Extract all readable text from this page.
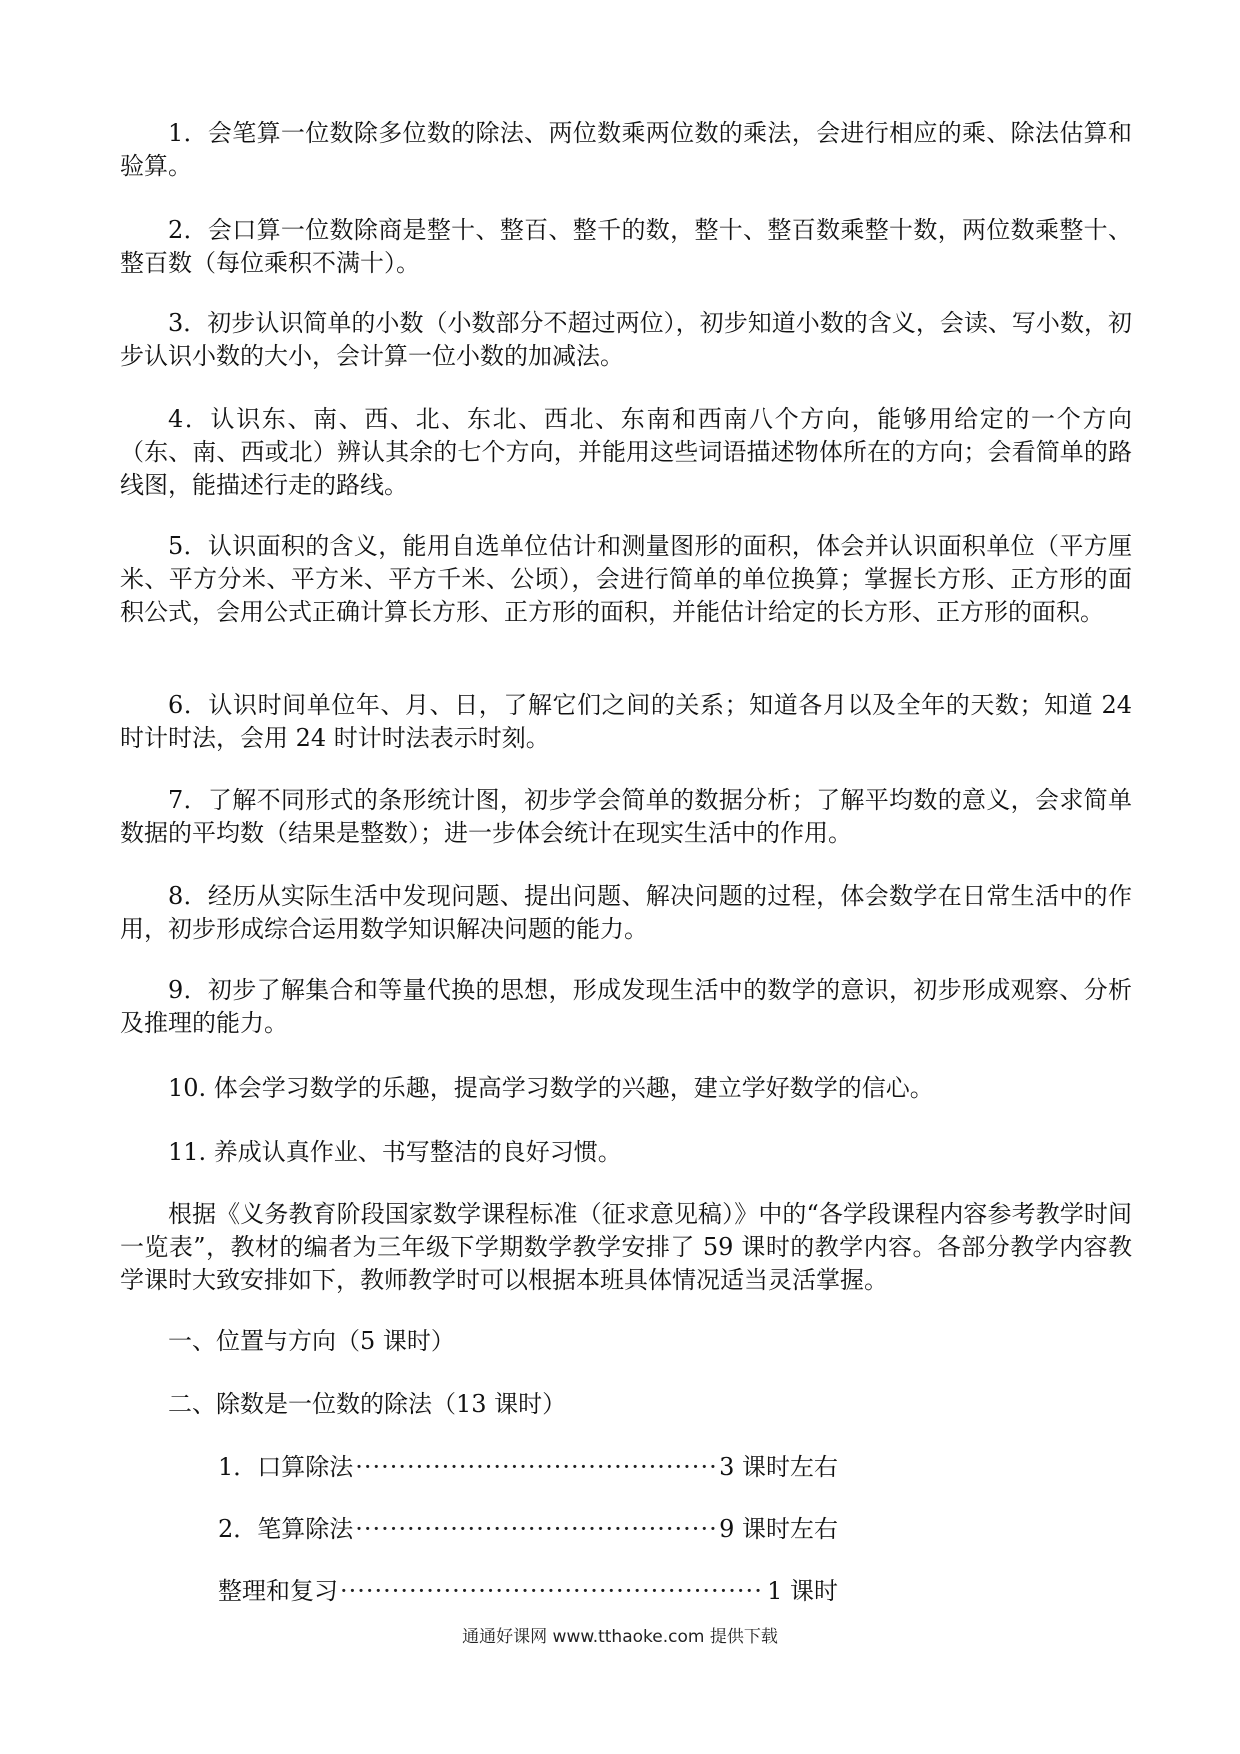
1．会笔算一位数除多位数的除法、两位数乘两位数的乘法，会进行相应的乘、除法估算和验算。

2．会口算一位数除商是整十、整百、整千的数，整十、整百数乘整十数，两位数乘整十、整百数（每位乘积不满十）。

3．初步认识简单的小数（小数部分不超过两位），初步知道小数的含义，会读、写小数，初步认识小数的大小，会计算一位小数的加减法。

4．认识东、南、西、北、东北、西北、东南和西南八个方向，能够用给定的一个方向（东、南、西或北）辨认其余的七个方向，并能用这些词语描述物体所在的方向；会看简单的路线图，能描述行走的路线。

5．认识面积的含义，能用自选单位估计和测量图形的面积，体会并认识面积单位（平方厘米、平方分米、平方米、平方千米、公顷），会进行简单的单位换算；掌握长方形、正方形的面积公式，会用公式正确计算长方形、正方形的面积，并能估计给定的长方形、正方形的面积。

6．认识时间单位年、月、日，了解它们之间的关系；知道各月以及全年的天数；知道 24 时计时法，会用 24 时计时法表示时刻。

7．了解不同形式的条形统计图，初步学会简单的数据分析；了解平均数的意义，会求简单数据的平均数（结果是整数）；进一步体会统计在现实生活中的作用。

8．经历从实际生活中发现问题、提出问题、解决问题的过程，体会数学在日常生活中的作用，初步形成综合运用数学知识解决问题的能力。

9．初步了解集合和等量代换的思想，形成发现生活中的数学的意识，初步形成观察、分析及推理的能力。

10. 体会学习数学的乐趣，提高学习数学的兴趣，建立学好数学的信心。

11. 养成认真作业、书写整洁的良好习惯。

根据《义务教育阶段国家数学课程标准（征求意见稿）》中的“各学段课程内容参考教学时间一览表”，教材的编者为三年级下学期数学教学安排了 59 课时的教学内容。各部分教学内容教学课时大致安排如下，教师教学时可以根据本班具体情况适当灵活掌握。

一、位置与方向（5 课时）

二、除数是一位数的除法（13 课时）

1．口算除法 ·····	3 课时左右
2．笔算除法 ·····	9 课时左右
整理和复习 ·····	1 课时
通通好课网 www.tthaoke.com 提供下载
